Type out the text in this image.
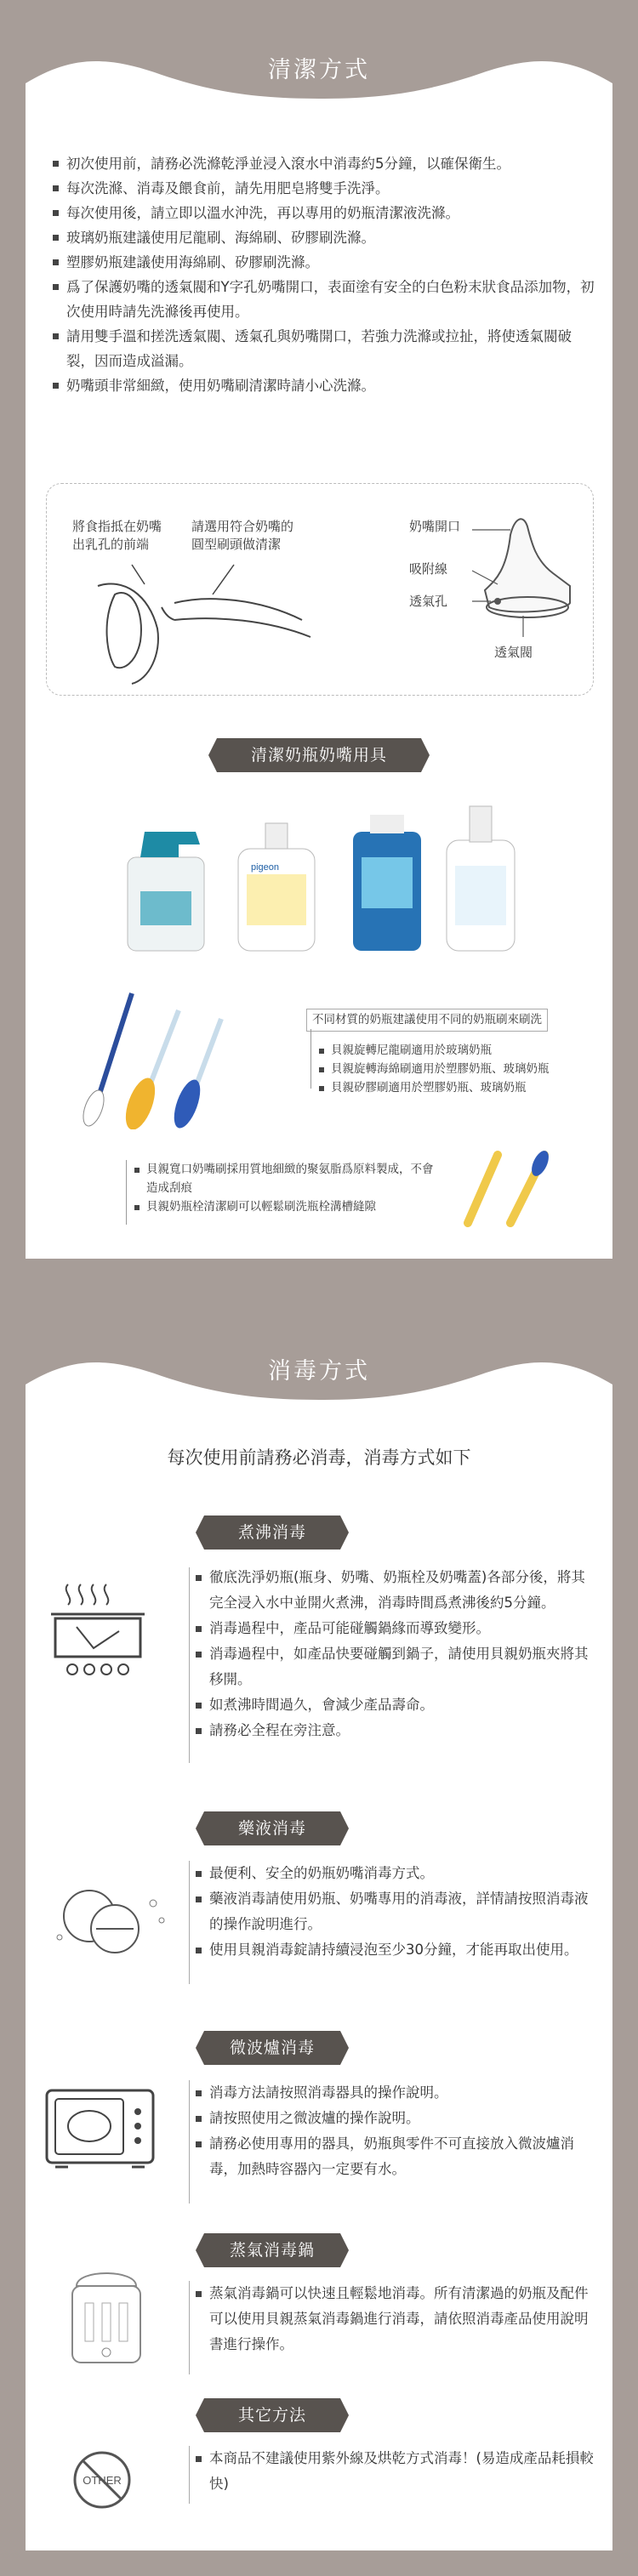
清潔方式
初次使用前，請務必洗滌乾淨並浸入滾水中消毒約5分鐘，以確保衛生。
每次洗滌、消毒及餵食前，請先用肥皂將雙手洗淨。
每次使用後，請立即以溫水沖洗，再以專用的奶瓶清潔液洗滌。
玻璃奶瓶建議使用尼龍刷、海綿刷、矽膠刷洗滌。
塑膠奶瓶建議使用海綿刷、矽膠刷洗滌。
爲了保護奶嘴的透氣閥和Y字孔奶嘴開口，表面塗有安全的白色粉末狀食品添加物，初次使用時請先洗滌後再使用。
請用雙手溫和搓洗透氣閥、透氣孔與奶嘴開口，若強力洗滌或拉扯，將使透氣閥破裂，因而造成溢漏。
奶嘴頭非常細緻，使用奶嘴刷清潔時請小心洗滌。
將食指抵在奶嘴
出乳孔的前端
請選用符合奶嘴的
圓型刷頭做清潔
奶嘴開口
吸附線
透氣孔
透氣閥
清潔奶瓶奶嘴用具
pigeon
不同材質的奶瓶建議使用不同的奶瓶刷來刷洗
貝親旋轉尼龍刷適用於玻璃奶瓶
貝親旋轉海綿刷適用於塑膠奶瓶、玻璃奶瓶
貝親矽膠刷適用於塑膠奶瓶、玻璃奶瓶
貝親寬口奶嘴刷採用質地細緻的聚氨脂爲原料製成，不會造成刮痕
貝親奶瓶栓清潔刷可以輕鬆刷洗瓶栓溝槽縫隙
消毒方式
每次使用前請務必消毒，消毒方式如下
煮沸消毒
徹底洗淨奶瓶(瓶身、奶嘴、奶瓶栓及奶嘴蓋)各部分後，將其完全浸入水中並開火煮沸，消毒時間爲煮沸後約5分鐘。
消毒過程中，產品可能碰觸鍋緣而導致變形。
消毒過程中，如產品快要碰觸到鍋子，請使用貝親奶瓶夾將其移開。
如煮沸時間過久，會減少產品壽命。
請務必全程在旁注意。
藥液消毒
最便利、安全的奶瓶奶嘴消毒方式。
藥液消毒請使用奶瓶、奶嘴專用的消毒液，詳情請按照消毒液的操作說明進行。
使用貝親消毒錠請持續浸泡至少30分鐘，才能再取出使用。
微波爐消毒
消毒方法請按照消毒器具的操作說明。
請按照使用之微波爐的操作說明。
請務必使用專用的器具，奶瓶與零件不可直接放入微波爐消毒，加熱時容器內一定要有水。
蒸氣消毒鍋
蒸氣消毒鍋可以快速且輕鬆地消毒。所有清潔過的奶瓶及配件可以使用貝親蒸氣消毒鍋進行消毒，請依照消毒產品使用說明書進行操作。
其它方法
OTHER
本商品不建議使用紫外線及烘乾方式消毒！(易造成產品耗損較快)
